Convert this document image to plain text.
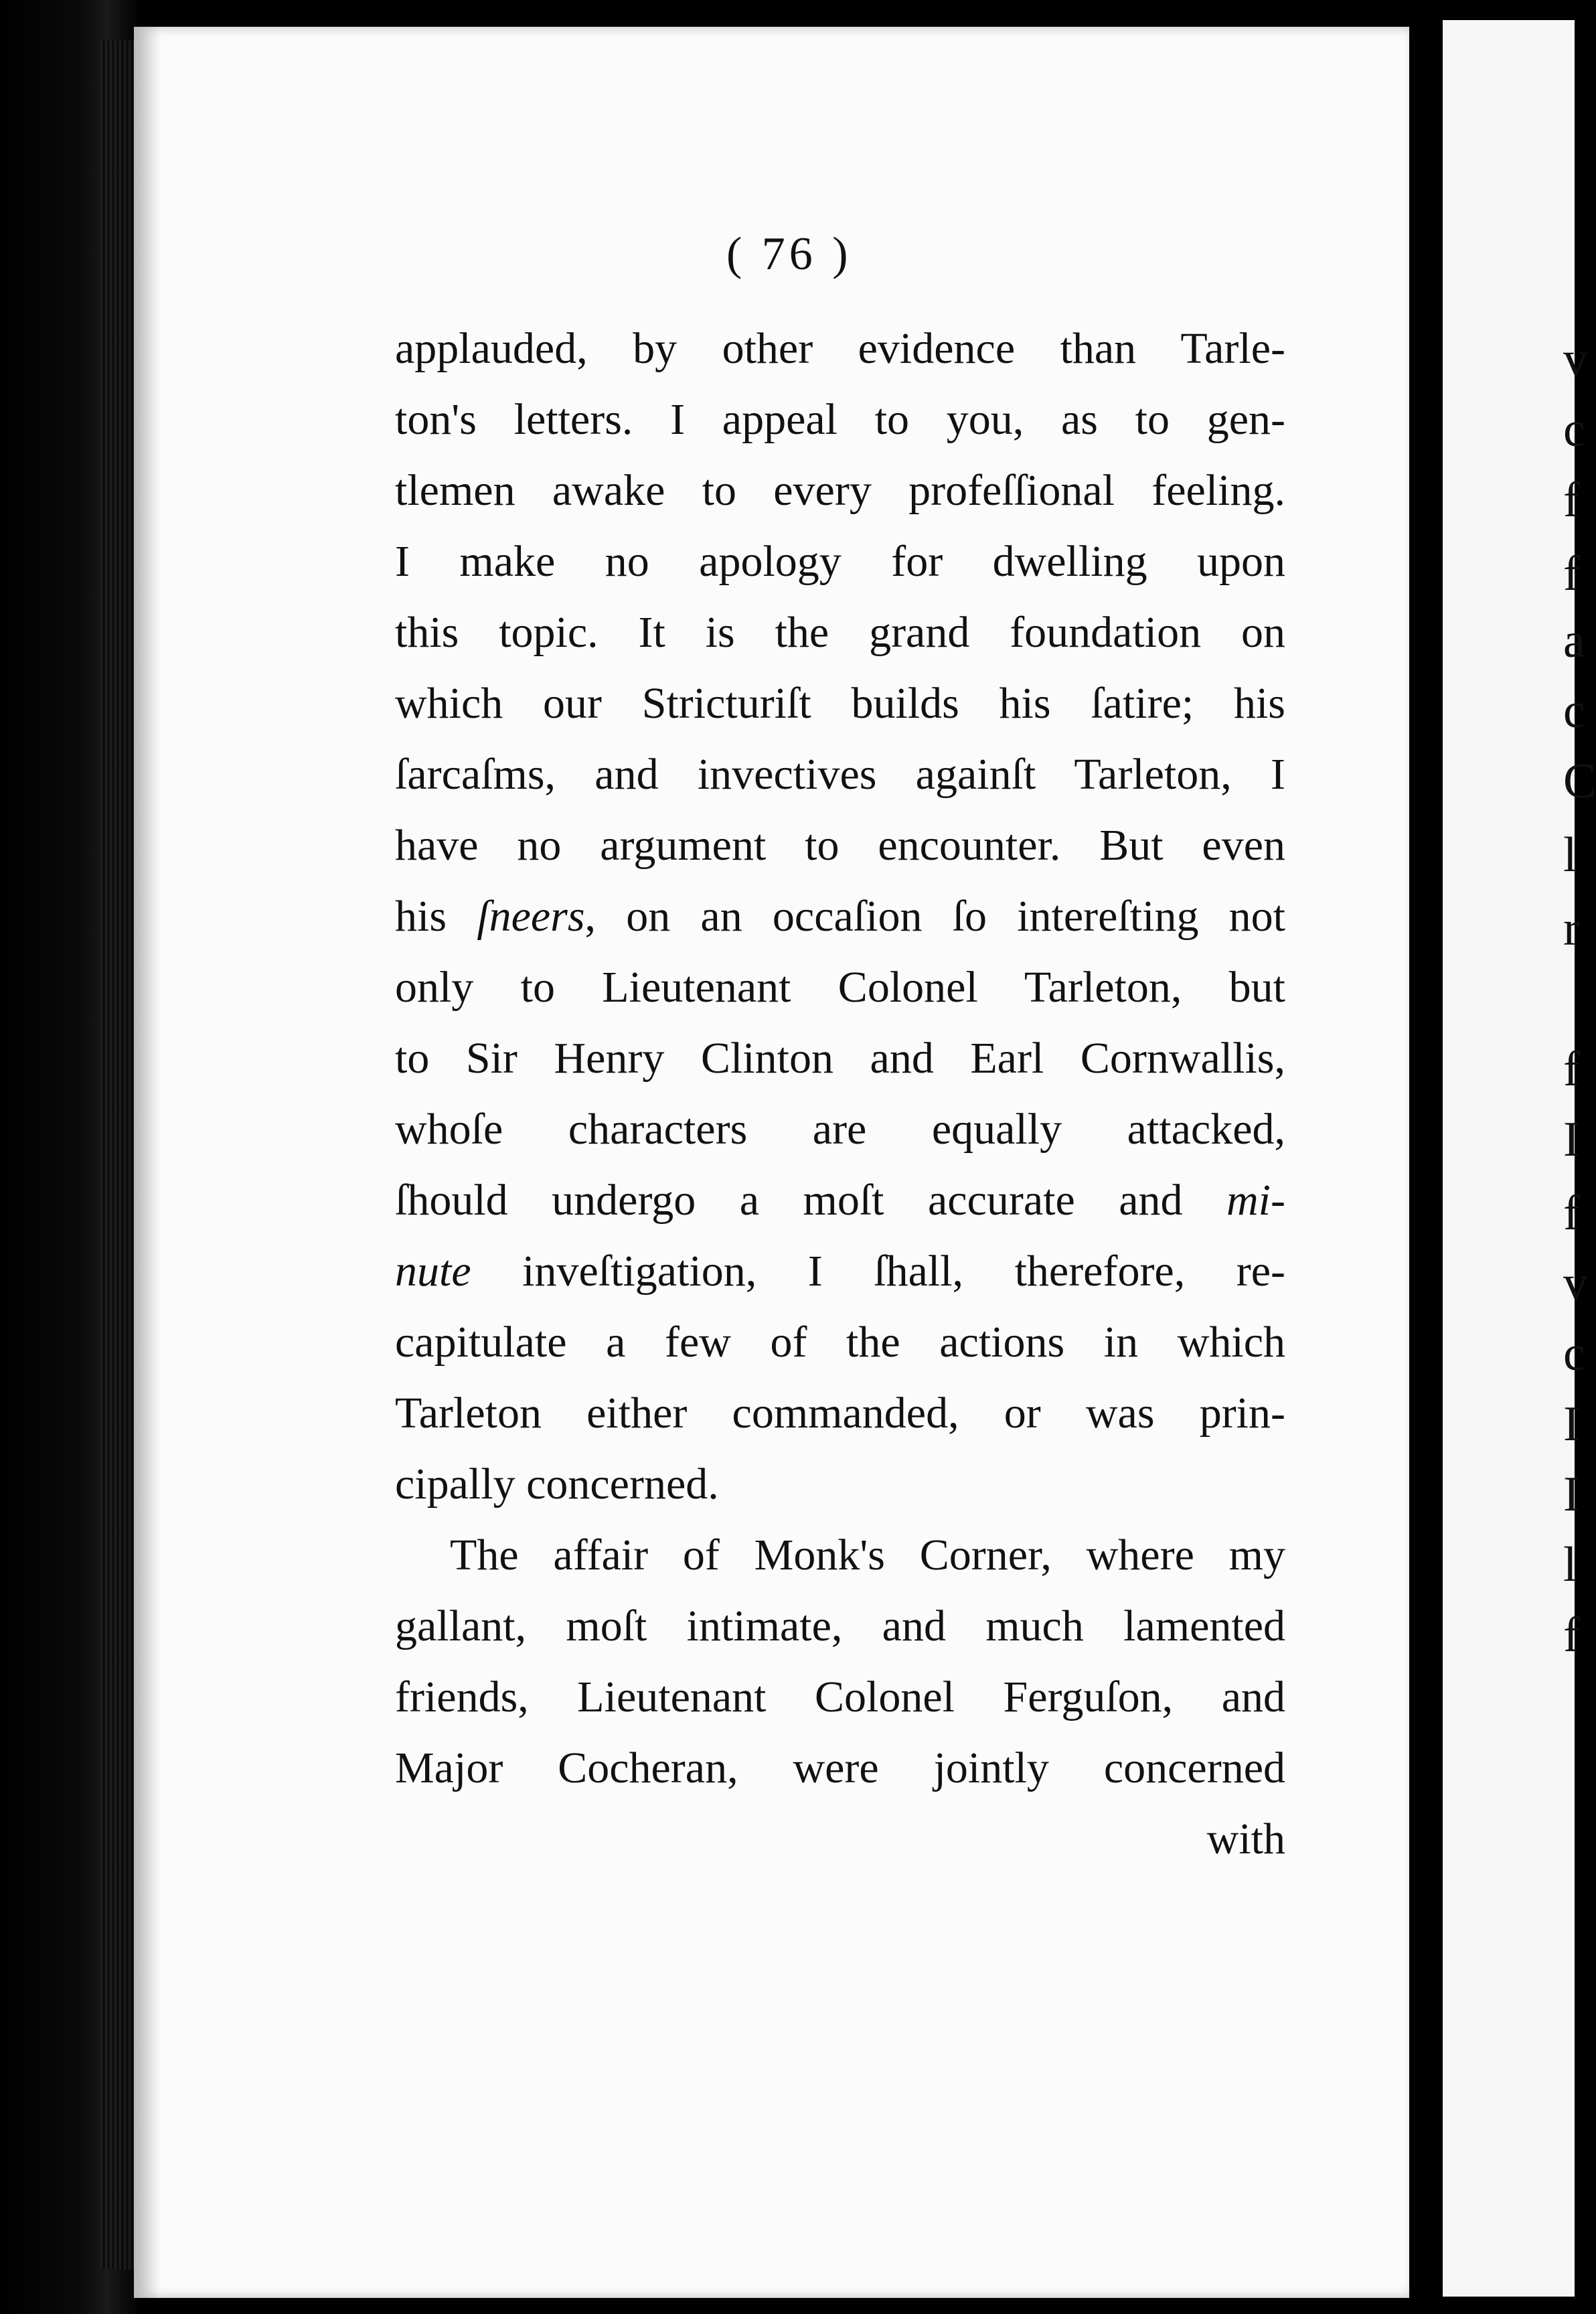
( 76 )
applauded, by other evidence than Tarle-
ton's letters. I appeal to you, as to gen-
tlemen awake to every profeſſional feeling.
I make no apology for dwelling upon
this topic. It is the grand foundation on
which our Stricturiſt builds his ſatire; his
ſarcaſms, and invectives againſt Tarleton, I
have no argument to encounter. But even
his ſneers, on an occaſion ſo intereſting not
only to Lieutenant Colonel Tarleton, but
to Sir Henry Clinton and Earl Cornwallis,
whoſe characters are equally attacked,
ſhould undergo a moſt accurate and mi-
nute inveſtigation, I ſhall, therefore, re-
capitulate a few of the actions in which
Tarleton either commanded, or was prin-
cipally concerned.
The affair of Monk's Corner, where my
gallant, moſt intimate, and much lamented
friends, Lieutenant Colonel Ferguſon, and
Major Cocheran, were jointly concerned
with
v
c
f
f
a
c
C
l
r
f
I
f
v
c
I
I
l
f
